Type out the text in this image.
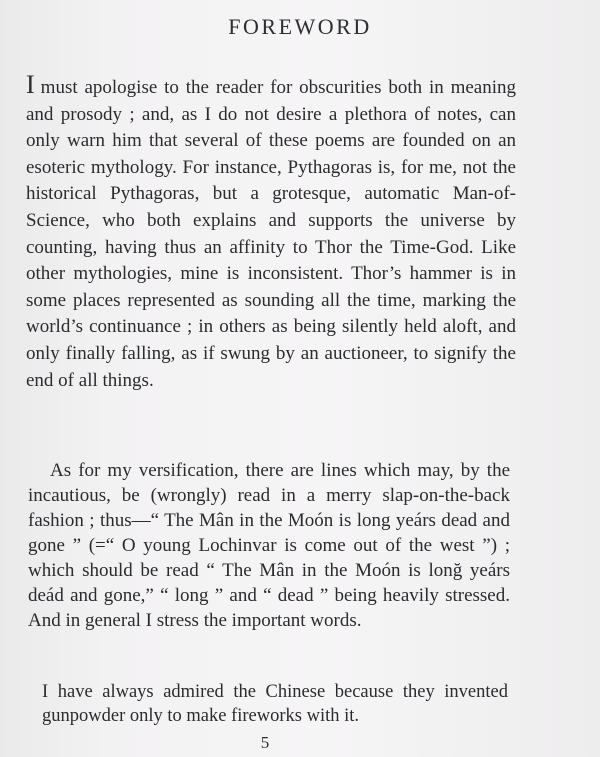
FOREWORD
I must apologise to the reader for obscurities both in meaning and prosody ; and, as I do not desire a plethora of notes, can only warn him that several of these poems are founded on an esoteric mythology. For instance, Pythagoras is, for me, not the historical Pythagoras, but a grotesque, automatic Man-of-Science, who both explains and supports the universe by counting, having thus an affinity to Thor the Time-God. Like other mythologies, mine is inconsistent. Thor’s hammer is in some places represented as sounding all the time, marking the world’s continuance ; in others as being silently held aloft, and only finally falling, as if swung by an auctioneer, to signify the end of all things.
As for my versification, there are lines which may, by the incautious, be (wrongly) read in a merry slap-on-the-back fashion ; thus—“ The Mân in the Moón is long yeárs dead and gone ” (=“ O young Lochinvar is come out of the west ”) ; which should be read “ The Mân in the Moón is lonğ yeárs deád and gone,” “ long ” and “ dead ” being heavily stressed. And in general I stress the important words.
I have always admired the Chinese because they invented gunpowder only to make fireworks with it.
5
